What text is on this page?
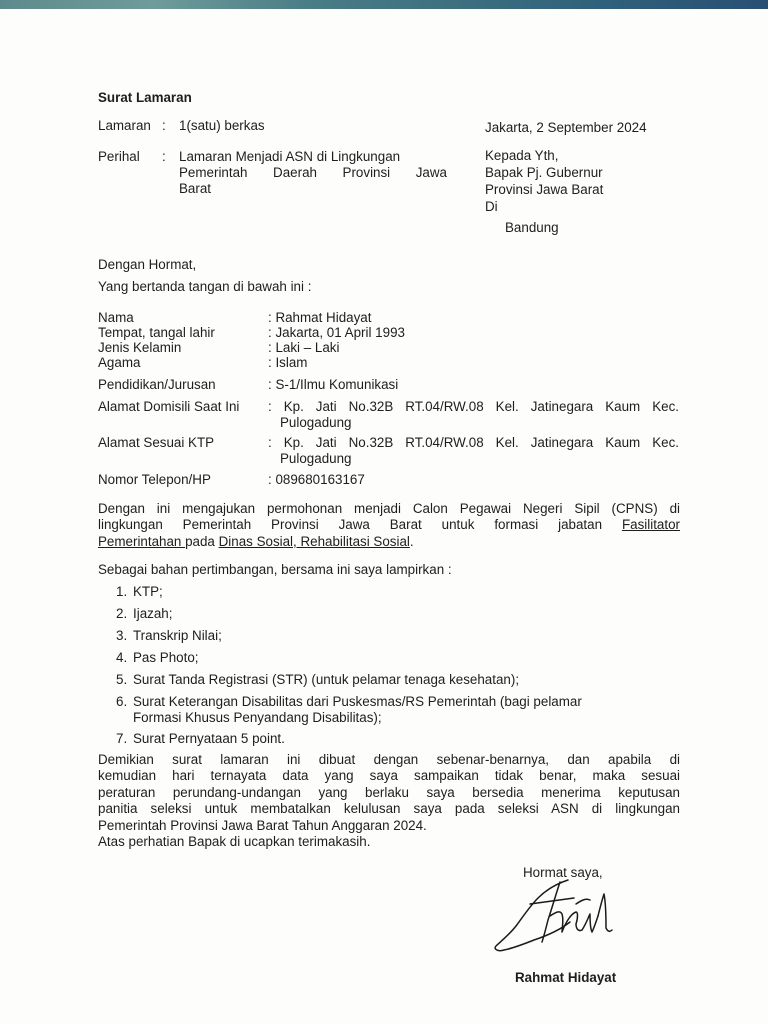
Surat Lamaran
Lamaran : 1(satu) berkas
Perihal : Lamaran Menjadi ASN di Lingkungan
Pemerintah Daerah Provinsi Jawa
Barat
Jakarta, 2 September 2024
Kepada Yth,
Bapak Pj. Gubernur
Provinsi Jawa Barat
Di
Bandung
Dengan Hormat,
Yang bertanda tangan di bawah ini :
Nama	: Rahmat Hidayat
Tempat, tangal lahir	: Jakarta, 01 April 1993
Jenis Kelamin	: Laki – Laki
Agama	: Islam
Pendidikan/Jurusan	: S-1/Ilmu Komunikasi
Alamat Domisili Saat Ini : Kp. Jati No.32B RT.04/RW.08 Kel. Jatinegara Kaum Kec.
Pulogadung
Alamat Sesuai KTP	: Kp. Jati No.32B RT.04/RW.08 Kel. Jatinegara Kaum Kec.
Pulogadung
Nomor Telepon/HP	: 089680163167
Dengan ini mengajukan permohonan menjadi Calon Pegawai Negeri Sipil (CPNS) di
lingkungan Pemerintah Provinsi Jawa Barat untuk formasi jabatan Fasilitator
Pemerintahan pada Dinas Sosial, Rehabilitasi Sosial.
Sebagai bahan pertimbangan, bersama ini saya lampirkan :
1. KTP;
2. Ijazah;
3. Transkrip Nilai;
4. Pas Photo;
5. Surat Tanda Registrasi (STR) (untuk pelamar tenaga kesehatan);
6. Surat Keterangan Disabilitas dari Puskesmas/RS Pemerintah (bagi pelamar
Formasi Khusus Penyandang Disabilitas);
7. Surat Pernyataan 5 point.
Demikian surat lamaran ini dibuat dengan sebenar-benarnya, dan apabila di
kemudian hari ternayata data yang saya sampaikan tidak benar, maka sesuai
peraturan perundang-undangan yang berlaku saya bersedia menerima keputusan
panitia seleksi untuk membatalkan kelulusan saya pada seleksi ASN di lingkungan
Pemerintah Provinsi Jawa Barat Tahun Anggaran 2024.
Atas perhatian Bapak di ucapkan terimakasih.
Hormat saya,
Rahmat Hidayat
